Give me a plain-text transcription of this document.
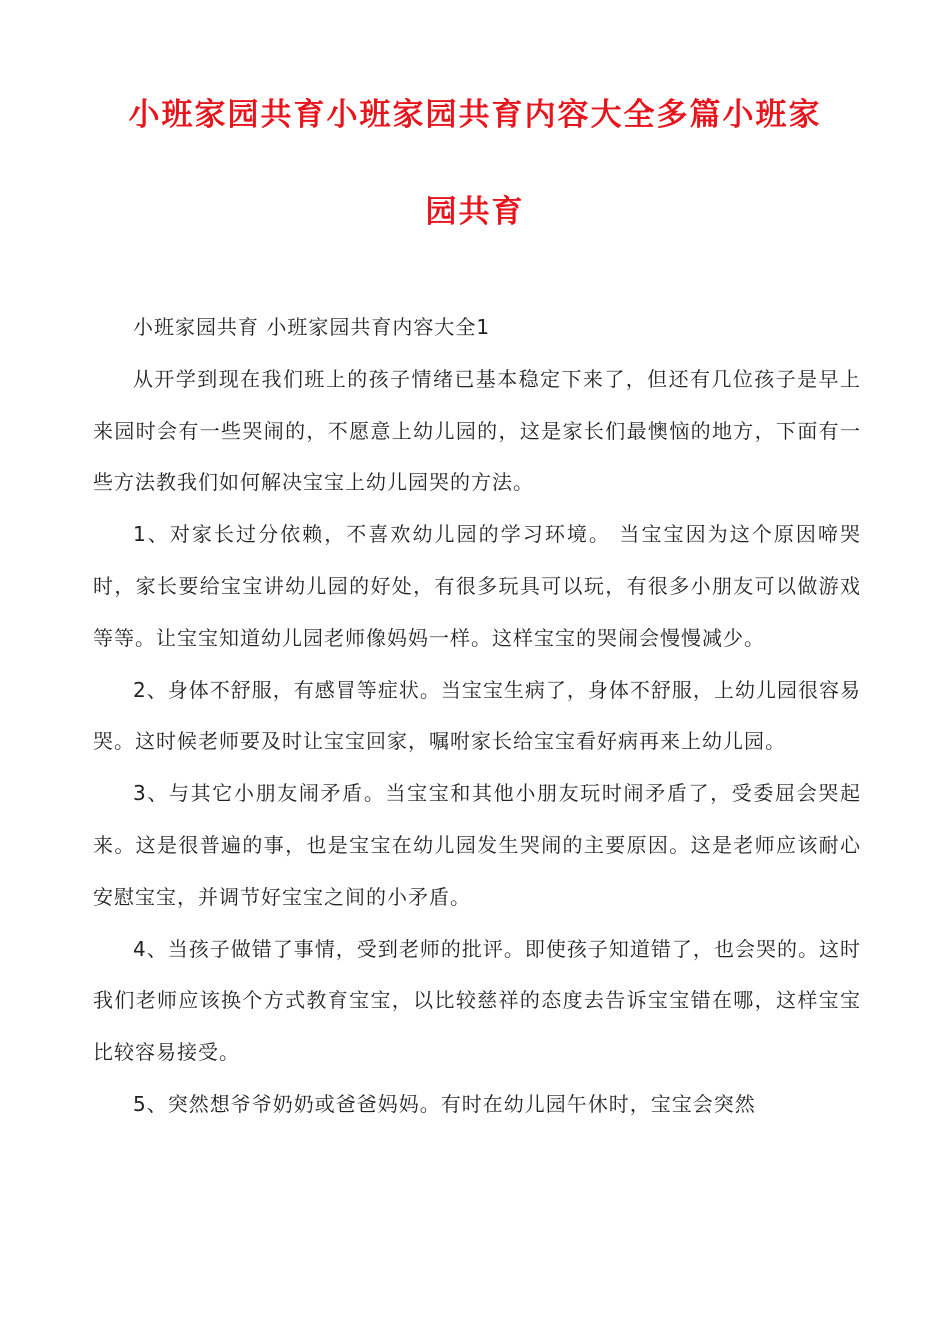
小班家园共育小班家园共育内容大全多篇小班家
园共育

小班家园共育 小班家园共育内容大全1

从开学到现在我们班上的孩子情绪已基本稳定下来了，但还有几位孩子是早上来园时会有一些哭闹的，不愿意上幼儿园的，这是家长们最懊恼的地方，下面有一些方法教我们如何解决宝宝上幼儿园哭的方法。

1、对家长过分依赖，不喜欢幼儿园的学习环境。 当宝宝因为这个原因啼哭时，家长要给宝宝讲幼儿园的好处，有很多玩具可以玩，有很多小朋友可以做游戏等等。让宝宝知道幼儿园老师像妈妈一样。这样宝宝的哭闹会慢慢减少。

2、身体不舒服，有感冒等症状。当宝宝生病了，身体不舒服，上幼儿园很容易哭。这时候老师要及时让宝宝回家，嘱咐家长给宝宝看好病再来上幼儿园。

3、与其它小朋友闹矛盾。当宝宝和其他小朋友玩时闹矛盾了，受委屈会哭起来。这是很普遍的事，也是宝宝在幼儿园发生哭闹的主要原因。这是老师应该耐心安慰宝宝，并调节好宝宝之间的小矛盾。

4、当孩子做错了事情，受到老师的批评。即使孩子知道错了，也会哭的。这时我们老师应该换个方式教育宝宝，以比较慈祥的态度去告诉宝宝错在哪，这样宝宝比较容易接受。

5、突然想爷爷奶奶或爸爸妈妈。有时在幼儿园午休时，宝宝会突然
